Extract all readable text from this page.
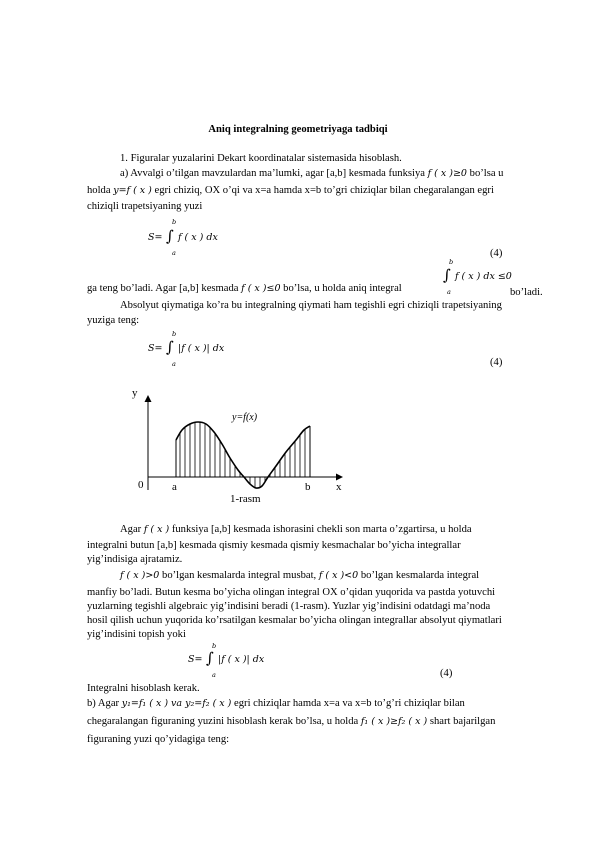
Aniq integralning geometriyaga tadbiqi
1. Figuralar yuzalarini Dekart koordinatalar sistemasida hisoblash.
a) Avvalgi o’tilgan mavzulardan ma’lumki, agar [a,b] kesmada funksiya f ( x )≥0 bo’lsa u
holda y=f ( x ) egri chiziq, OX o’qi va x=a hamda x=b to’gri chiziqlar bilan chegaralangan egri
chiziqli trapetsiyaning yuzi
b
S= ∫ f ( x ) dx
a	(4)
b
∫ f ( x ) dx ≤0
a
ga teng bo’ladi. Agar [a,b] kesmada f ( x )≤0 bo’lsa, u holda aniq integral	bo’ladi.
Absolyut qiymatiga ko’ra bu integralning qiymati ham tegishli egri chiziqli trapetsiyaning
yuziga teng:
b
S= ∫ |f ( x )| dx
a	(4)
y
x
0	a	b
y=f(x)
1-rasm
Agar f ( x ) funksiya [a,b] kesmada ishorasini chekli son marta o’zgartirsa, u holda
integralni butun [a,b] kesmada qismiy kesmada qismiy kesmachalar bo’yicha integrallar
yig’indisiga ajratamiz.
f ( x )>0 bo’lgan kesmalarda integral musbat, f ( x )<0 bo’lgan kesmalarda integral
manfiy bo’ladi. Butun kesma bo’yicha olingan integral OX o’qidan yuqorida va pastda yotuvchi
yuzlarning tegishli algebraic yig’indisini beradi (1-rasm). Yuzlar yig’indisini odatdagi ma’noda
hosil qilish uchun yuqorida ko’rsatilgan kesmalar bo’yicha olingan integrallar absolyut qiymatlari
yig’indisini topish yoki
b
S= ∫ |f ( x )| dx
a	(4)
Integralni hisoblash kerak.
b) Agar y₁=f₁ ( x ) va y₂=f₂ ( x ) egri chiziqlar hamda x=a va x=b to’g’ri chiziqlar bilan
chegaralangan figuraning yuzini hisoblash kerak bo’lsa, u holda f₁ ( x )≥f₂ ( x ) shart bajarilgan
figuraning yuzi qo’yidagiga teng:
